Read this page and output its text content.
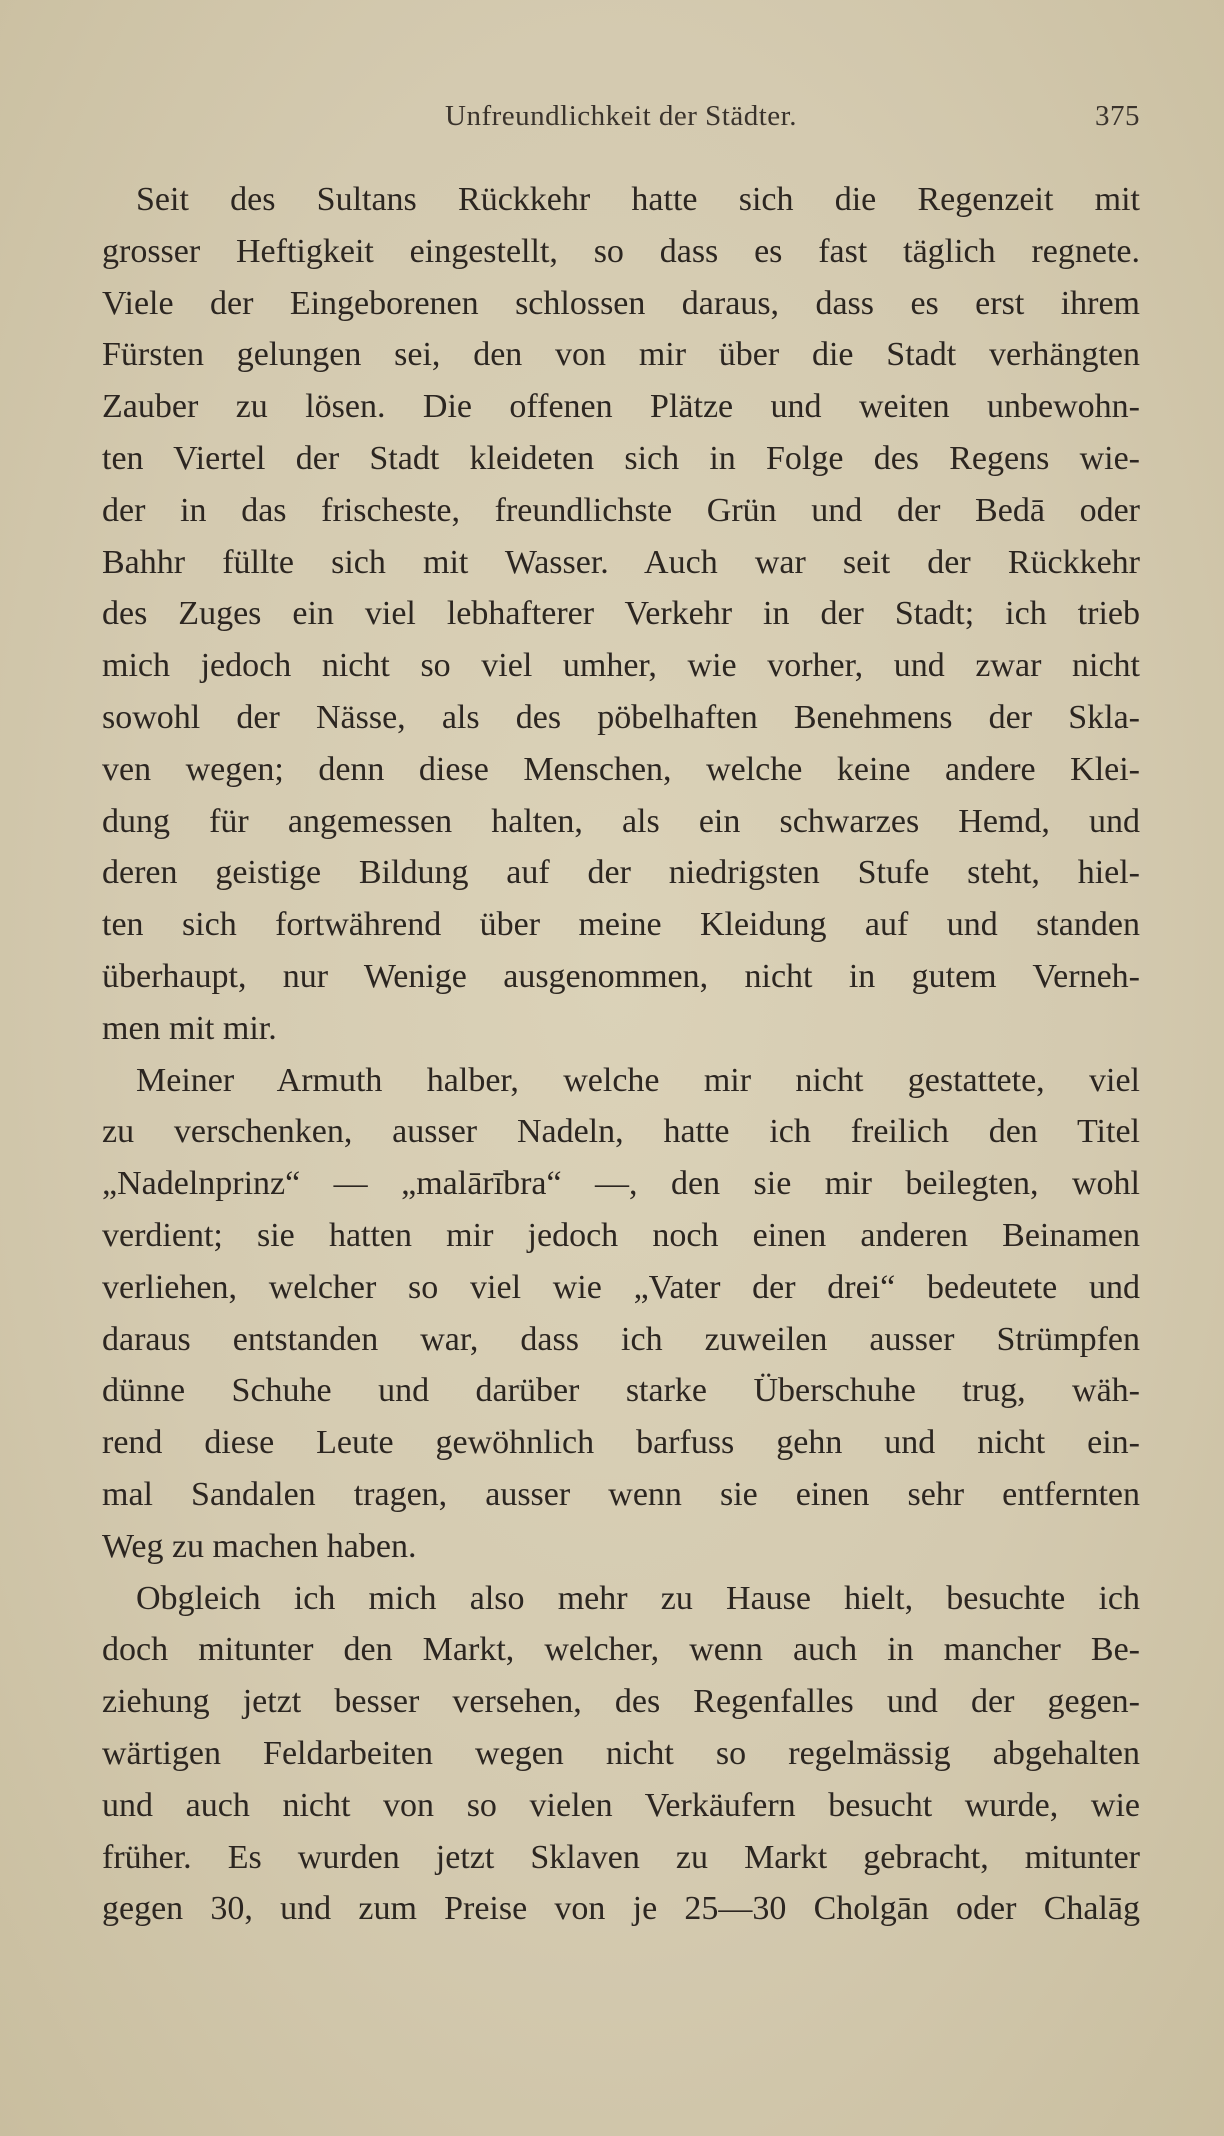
Unfreundlichkeit der Städter.	375
Seit des Sultans Rückkehr hatte sich die Regenzeit mit
grosser Heftigkeit eingestellt, so dass es fast täglich regnete.
Viele der Eingeborenen schlossen daraus, dass es erst ihrem
Fürsten gelungen sei, den von mir über die Stadt verhängten
Zauber zu lösen. Die offenen Plätze und weiten unbewohn-
ten Viertel der Stadt kleideten sich in Folge des Regens wie-
der in das frischeste, freundlichste Grün und der Bedā oder
Bahhr füllte sich mit Wasser. Auch war seit der Rückkehr
des Zuges ein viel lebhafterer Verkehr in der Stadt; ich trieb
mich jedoch nicht so viel umher, wie vorher, und zwar nicht
sowohl der Nässe, als des pöbelhaften Benehmens der Skla-
ven wegen; denn diese Menschen, welche keine andere Klei-
dung für angemessen halten, als ein schwarzes Hemd, und
deren geistige Bildung auf der niedrigsten Stufe steht, hiel-
ten sich fortwährend über meine Kleidung auf und standen
überhaupt, nur Wenige ausgenommen, nicht in gutem Verneh-
men mit mir.
Meiner Armuth halber, welche mir nicht gestattete, viel
zu verschenken, ausser Nadeln, hatte ich freilich den Titel
„Nadelnprinz“ — „malārībra“ —, den sie mir beilegten, wohl
verdient; sie hatten mir jedoch noch einen anderen Beinamen
verliehen, welcher so viel wie „Vater der drei“ bedeutete und
daraus entstanden war, dass ich zuweilen ausser Strümpfen
dünne Schuhe und darüber starke Überschuhe trug, wäh-
rend diese Leute gewöhnlich barfuss gehn und nicht ein-
mal Sandalen tragen, ausser wenn sie einen sehr entfernten
Weg zu machen haben.
Obgleich ich mich also mehr zu Hause hielt, besuchte ich
doch mitunter den Markt, welcher, wenn auch in mancher Be-
ziehung jetzt besser versehen, des Regenfalles und der gegen-
wärtigen Feldarbeiten wegen nicht so regelmässig abgehalten
und auch nicht von so vielen Verkäufern besucht wurde, wie
früher. Es wurden jetzt Sklaven zu Markt gebracht, mitunter
gegen 30, und zum Preise von je 25—30 Cholgān oder Chalāg
